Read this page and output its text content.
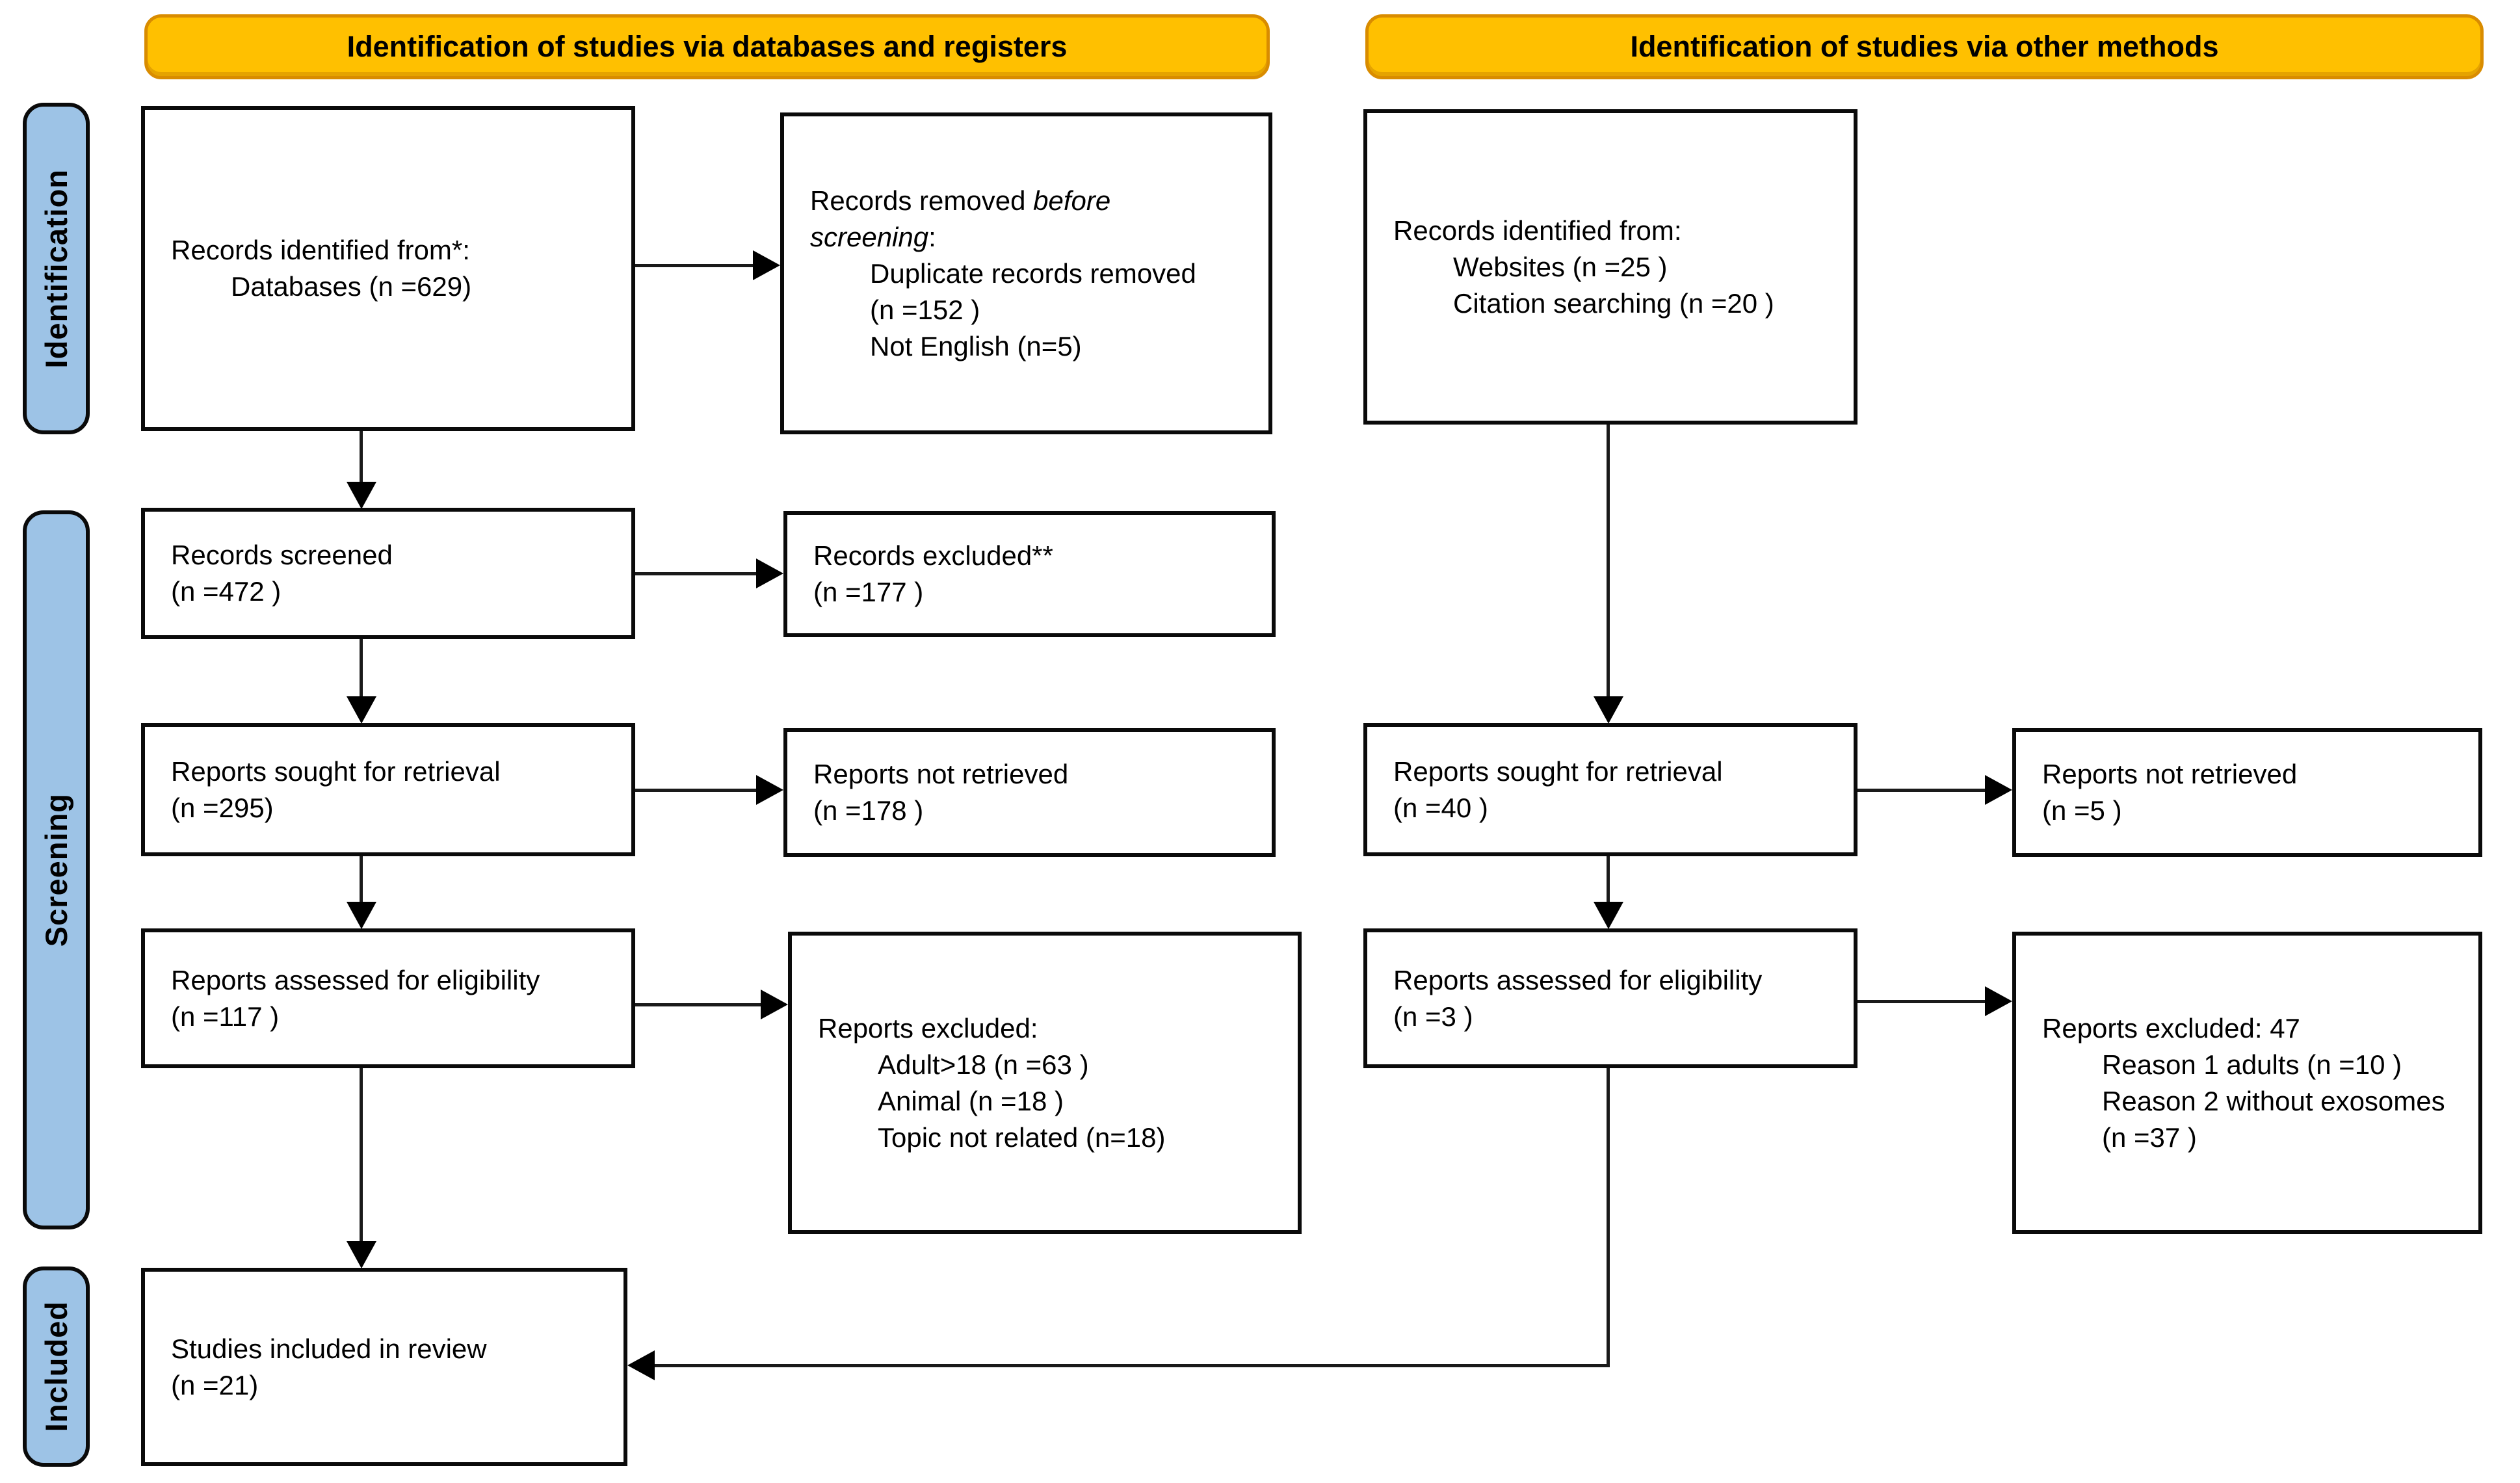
Identification of studies via databases and registers	Identification of studies via other methods
Identification
Screening
Included
Records identified from*:
Databases (n =629)
Records removed before
screening:
Duplicate records removed
(n =152 )
Not English (n=5)
Records identified from:
Websites (n =25 )
Citation searching (n =20 )
Records screened
(n =472 )
Records excluded**
(n =177 )
Reports sought for retrieval
(n =295)
Reports not retrieved
(n =178 )
Reports sought for retrieval
(n =40 )
Reports not retrieved
(n =5 )
Reports assessed for eligibility
(n =117 )	Reports excluded:
Adult>18 (n =63 )
Animal (n =18 )
Topic not related (n=18)
Reports assessed for eligibility
(n =3 )	Reports excluded: 47
Reason 1 adults (n =10 )
Reason 2 without exosomes
(n =37 )
Studies included in review
(n =21)
